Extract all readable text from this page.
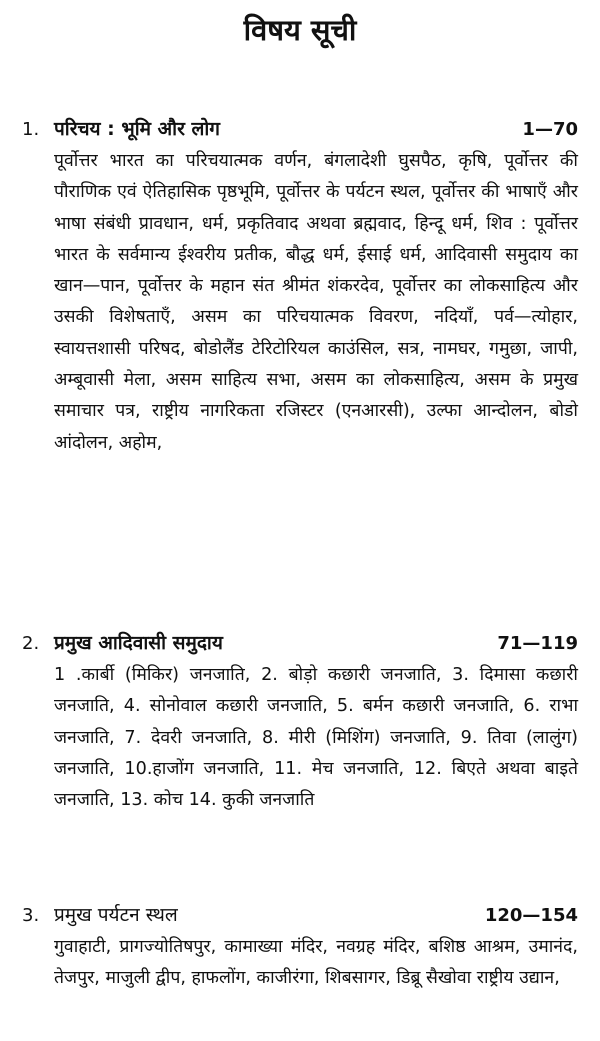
विषय सूची
1. परिचय : भूमि और लोग	1—70
पूर्वोत्तर भारत का परिचयात्मक वर्णन, बंगलादेशी घुसपैठ, कृषि, पूर्वोत्तर की पौराणिक एवं ऐतिहासिक पृष्ठभूमि, पूर्वोत्तर के पर्यटन स्थल, पूर्वोत्तर की भाषाएँ और भाषा संबंधी प्रावधान, धर्म, प्रकृतिवाद अथवा ब्रह्मवाद, हिन्दू धर्म, शिव : पूर्वोत्तर भारत के सर्वमान्य ईश्वरीय प्रतीक, बौद्ध धर्म, ईसाई धर्म, आदिवासी समुदाय का खान—पान, पूर्वोत्तर के महान संत श्रीमंत शंकरदेव, पूर्वोत्तर का लोकसाहित्य और उसकी विशेषताएँ, असम का परिचयात्मक विवरण, नदियाँ, पर्व—त्योहार, स्वायत्तशासी परिषद, बोडोलैंड टेरिटोरियल काउंसिल, सत्र, नामघर, गमुछा, जापी, अम्बूवासी मेला, असम साहित्य सभा, असम का लोकसाहित्य, असम के प्रमुख समाचार पत्र, राष्ट्रीय नागरिकता रजिस्टर (एनआरसी), उल्फा आन्दोलन, बोडो आंदोलन, अहोम,
2. प्रमुख आदिवासी समुदाय	71—119
1 .कार्बी (मिकिर) जनजाति, 2. बोड़ो कछारी जनजाति, 3. दिमासा कछारी जनजाति, 4. सोनोवाल कछारी जनजाति, 5. बर्मन कछारी जनजाति, 6. राभा जनजाति, 7. देवरी जनजाति, 8. मीरी (मिशिंग) जनजाति, 9. तिवा (लालुंग) जनजाति, 10.हाजोंग जनजाति, 11. मेच जनजाति, 12. बिएते अथवा बाइते जनजाति, 13. कोच 14. कुकी जनजाति
3. प्रमुख पर्यटन स्थल	120—154
गुवाहाटी, प्रागज्योतिषपुर, कामाख्या मंदिर, नवग्रह मंदिर, बशिष्ठ आश्रम, उमानंद, तेजपुर, माजुली द्वीप, हाफलोंग, काजीरंगा, शिबसागर, डिब्रू सैखोवा राष्ट्रीय उद्यान,
